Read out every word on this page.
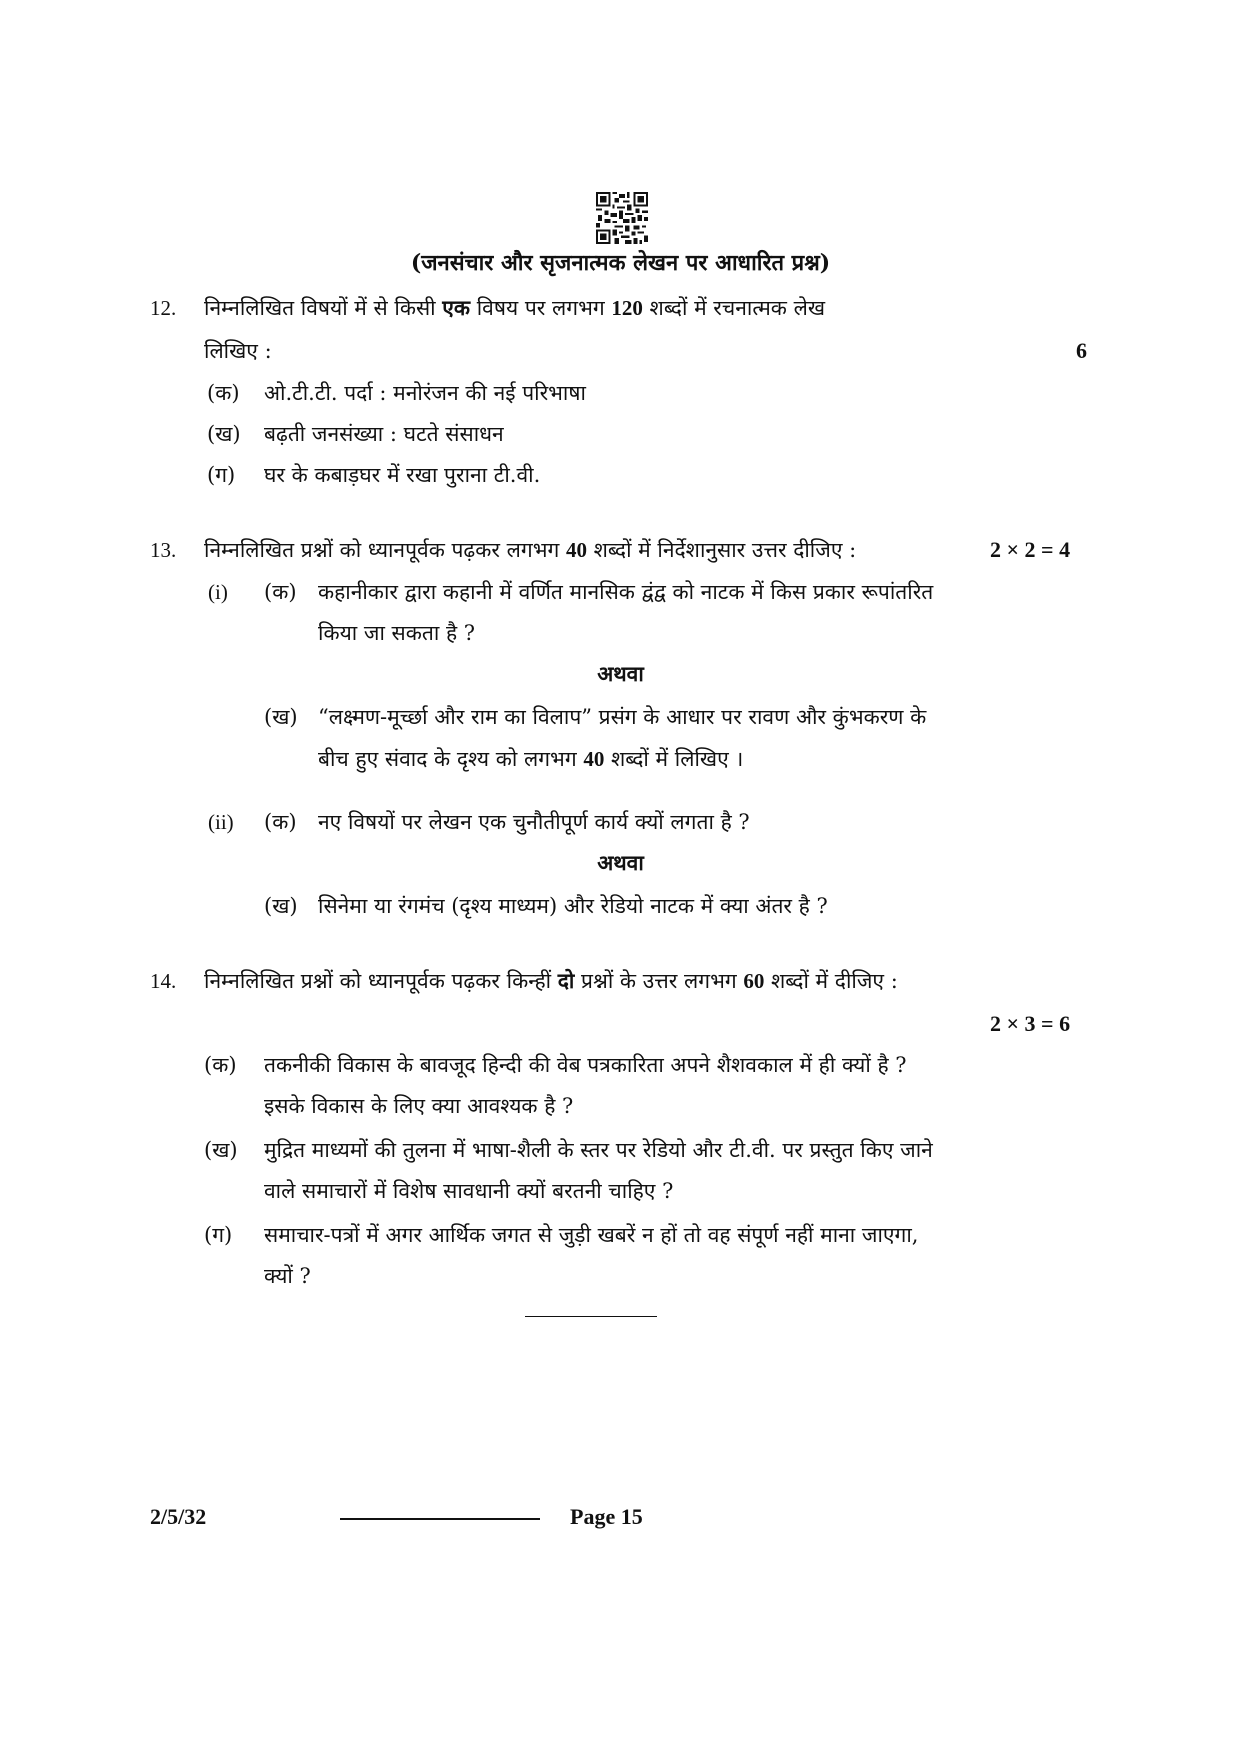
(जनसंचार और सृजनात्मक लेखन पर आधारित प्रश्न)
12. निम्नलिखित विषयों में से किसी एक विषय पर लगभग 120 शब्दों में रचनात्मक लेख
लिखिए :	6
(क) ओ.टी.टी. पर्दा : मनोरंजन की नई परिभाषा
(ख) बढ़ती जनसंख्या : घटते संसाधन
(ग) घर के कबाड़घर में रखा पुराना टी.वी.
13. निम्नलिखित प्रश्नों को ध्यानपूर्वक पढ़कर लगभग 40 शब्दों में निर्देशानुसार उत्तर दीजिए :	2 × 2 = 4
(i) (क) कहानीकार द्वारा कहानी में वर्णित मानसिक द्वंद्व को नाटक में किस प्रकार रूपांतरित
किया जा सकता है ?
अथवा
(ख) “लक्ष्मण-मूर्च्छा और राम का विलाप” प्रसंग के आधार पर रावण और कुंभकरण के
बीच हुए संवाद के दृश्य को लगभग 40 शब्दों में लिखिए ।
(ii) (क) नए विषयों पर लेखन एक चुनौतीपूर्ण कार्य क्यों लगता है ?
अथवा
(ख) सिनेमा या रंगमंच (दृश्य माध्यम) और रेडियो नाटक में क्या अंतर है ?
14. निम्नलिखित प्रश्नों को ध्यानपूर्वक पढ़कर किन्हीं दो प्रश्नों के उत्तर लगभग 60 शब्दों में दीजिए :
2 × 3 = 6
(क) तकनीकी विकास के बावजूद हिन्दी की वेब पत्रकारिता अपने शैशवकाल में ही क्यों है ?
इसके विकास के लिए क्या आवश्यक है ?
(ख) मुद्रित माध्यमों की तुलना में भाषा-शैली के स्तर पर रेडियो और टी.वी. पर प्रस्तुत किए जाने
वाले समाचारों में विशेष सावधानी क्यों बरतनी चाहिए ?
(ग) समाचार-पत्रों में अगर आर्थिक जगत से जुड़ी खबरें न हों तो वह संपूर्ण नहीं माना जाएगा,
क्यों ?
2/5/32	Page 15
